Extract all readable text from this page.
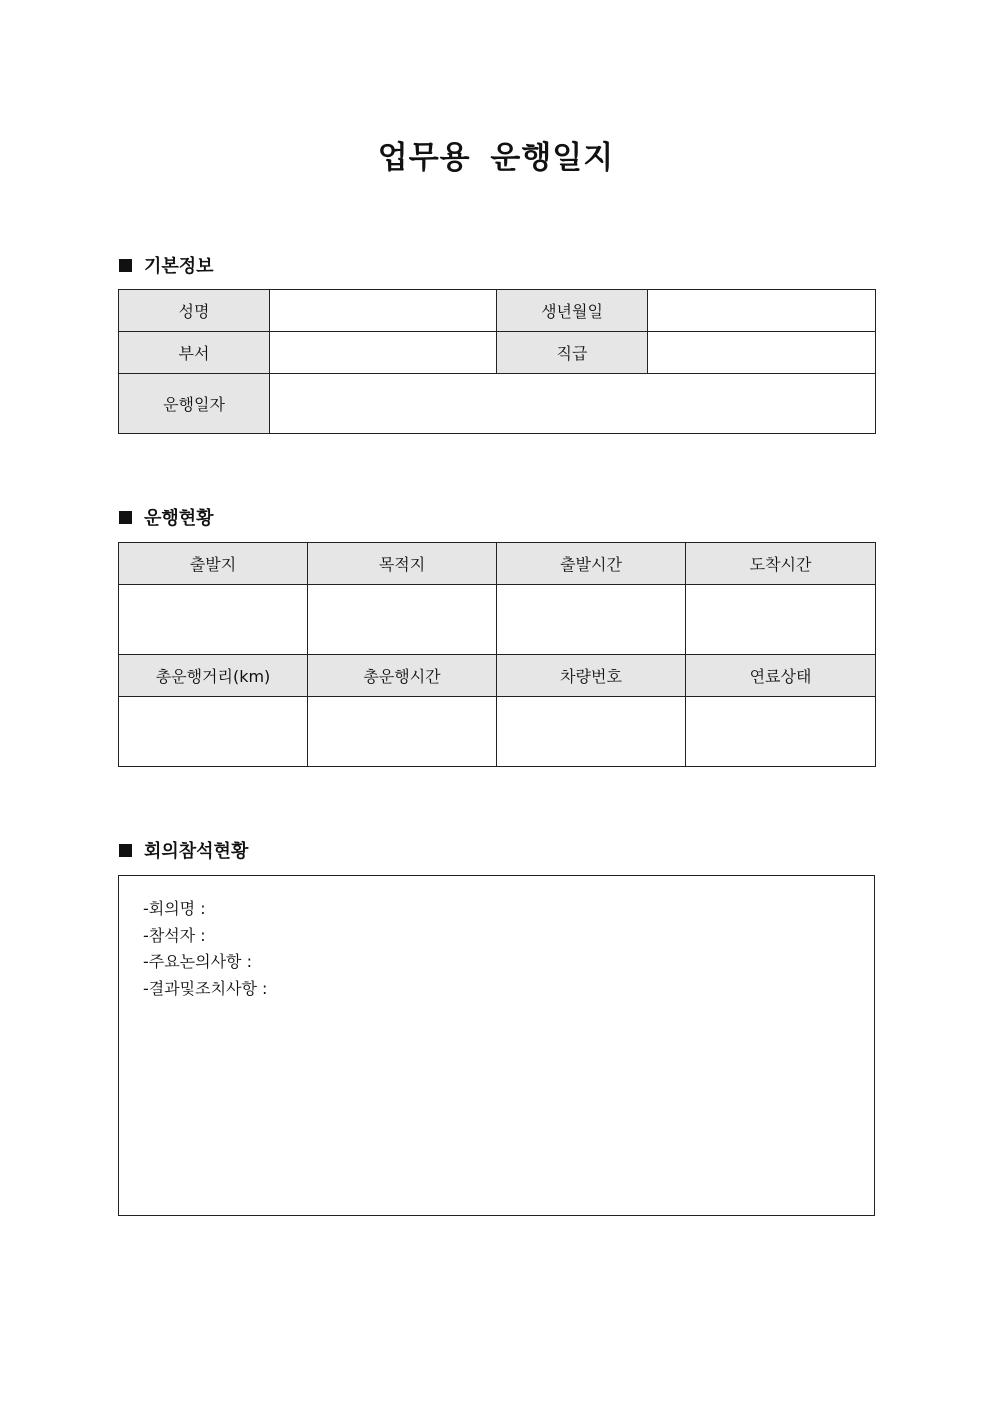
업무용 운행일지
기본정보
성명		생년월일	
부서		직급	
운행일자			
운행현황
출발지	목적지	출발시간	도착시간

총운행거리(km)	총운행시간	차량번호	연료상태

회의참석현황
-회의명 :
-참석자 :
-주요논의사항 :
-결과및조치사항 :
